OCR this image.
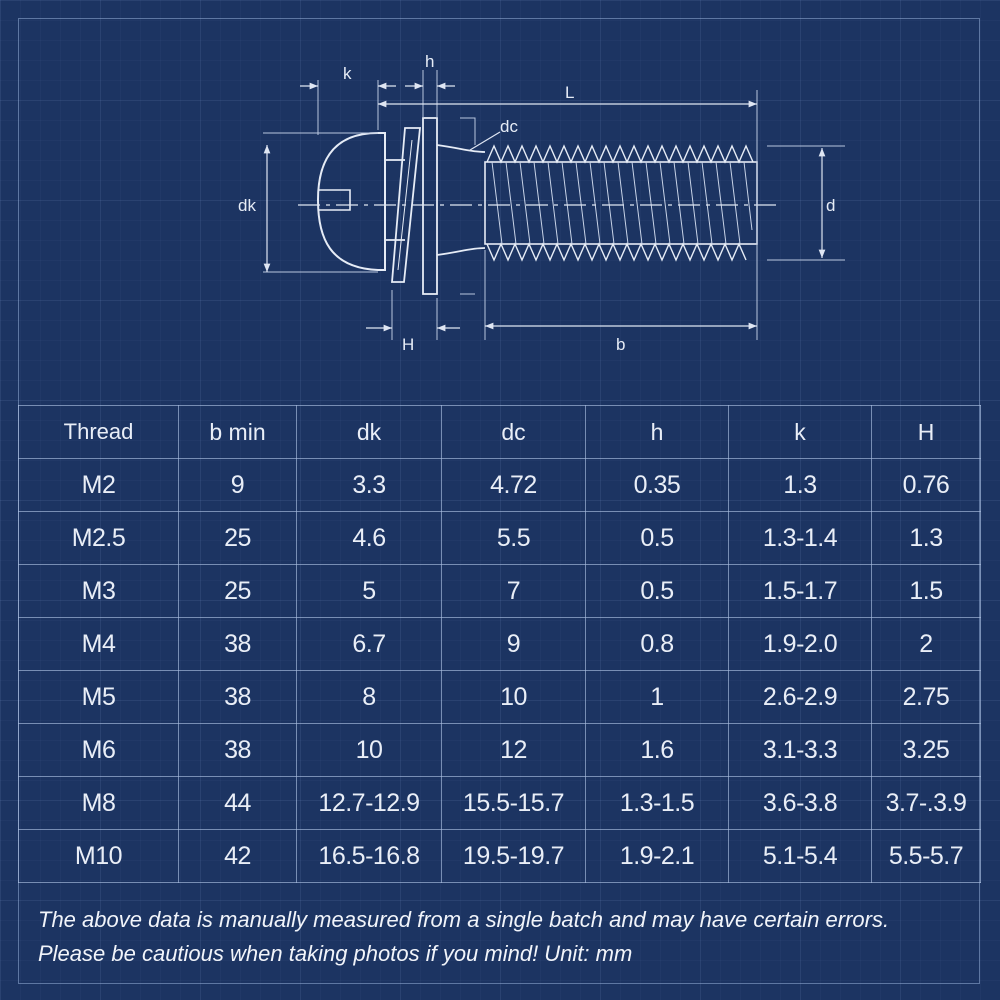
k
h
L
dc
dk	d
H	b
Thread	b min	dk	dc	h	k	H
M2	9	3.3	4.72	0.35	1.3	0.76
M2.5	25	4.6	5.5	0.5	1.3-1.4	1.3
M3	25	5	7	0.5	1.5-1.7	1.5
M4	38	6.7	9	0.8	1.9-2.0	2
M5	38	8	10	1	2.6-2.9	2.75
M6	38	10	12	1.6	3.1-3.3	3.25
M8	44	12.7-12.9	15.5-15.7	1.3-1.5	3.6-3.8	3.7-.3.9
M10	42	16.5-16.8	19.5-19.7	1.9-2.1	5.1-5.4	5.5-5.7
The above data is manually measured from a single batch and may have certain errors.
Please be cautious when taking photos if you mind! Unit: mm
